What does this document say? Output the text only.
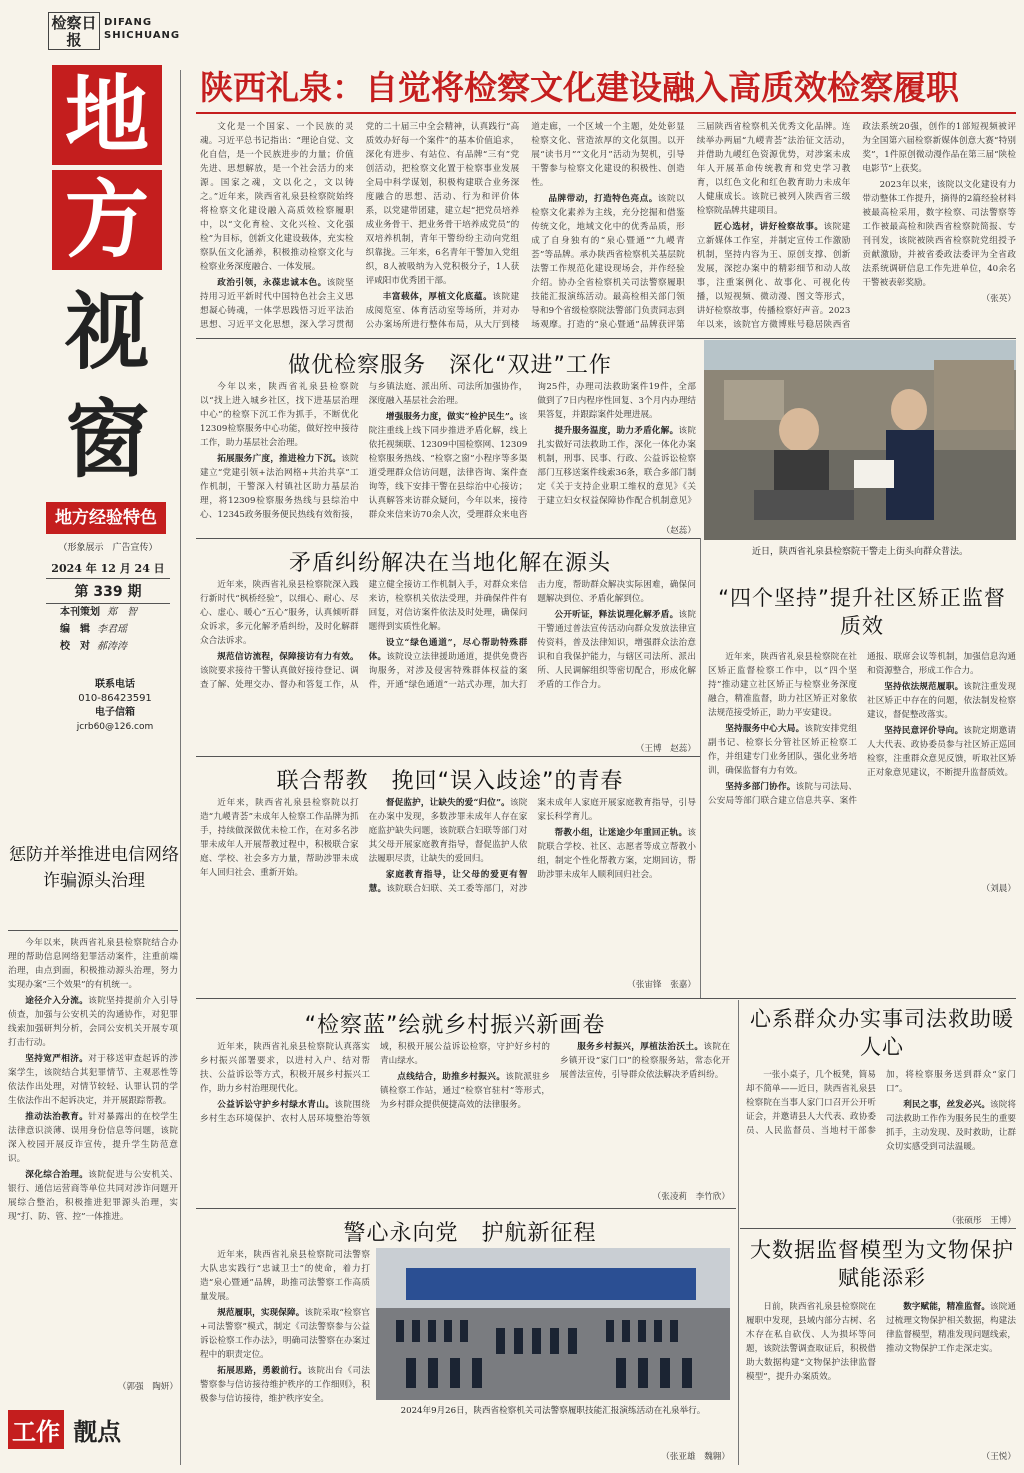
检察日报
DIFANG
SHICHUANG
地
方
视
窗
地方经验特色
（形象展示　广告宣传）
2024 年 12 月 24 日
第 339 期
本刊策划 郑　智
编　辑 李君瑶
校　对 郝涛涛
联系电话
010-86423591
电子信箱
jcrb60@126.com
惩防并举推进电信网络诈骗源头治理

今年以来，陕西省礼泉县检察院结合办理的帮助信息网络犯罪活动案件，注重前端治理，由点到面，积极推动源头治理，努力实现办案“三个效果”的有机统一。

途径介入分流。该院坚持提前介入引导侦查，加强与公安机关的沟通协作，对犯罪线索加强研判分析，会同公安机关开展专项打击行动。

坚持宽严相济。对于移送审查起诉的涉案学生，该院结合其犯罪情节、主观恶性等依法作出处理，对情节较轻、认罪认罚的学生依法作出不起诉决定，并开展跟踪帮教。

推动法治教育。针对暴露出的在校学生法律意识淡薄、误用身份信息等问题，该院深入校园开展反诈宣传，提升学生防范意识。

深化综合治理。该院促进与公安机关、银行、通信运营商等单位共同对涉诈问题开展综合整治，积极推进犯罪源头治理，实现“打、防、管、控”一体推进。

（郭强　陶妍）
工作 靓点
陕西礼泉：自觉将检察文化建设融入高质效检察履职

文化是一个国家、一个民族的灵魂。习近平总书记指出：“理论自觉、文化自信，是一个民族进步的力量；价值先进、思想解放，是一个社会活力的来源。国家之魂，文以化之，文以铸之。”近年来，陕西省礼泉县检察院始终将检察文化建设融入高质效检察履职中，以“文化育检、文化兴检、文化强检”为目标，创新文化建设载体，充实检察队伍文化涵养，积极推动检察文化与检察业务深度融合、一体发展。

政治引领，永葆忠诚本色。该院坚持用习近平新时代中国特色社会主义思想凝心铸魂，一体学思践悟习近平法治思想、习近平文化思想，深入学习贯彻党的二十届三中全会精神，认真践行“高质效办好每一个案件”的基本价值追求，深化有进步、有站位、有品牌“三有”党创活动，把检察文化置于检察事业发展全局中科学谋划，积极构建联合业务深度融合的思想、活动、行为和评价体系，以党建带团建，建立起“把党员培养成业务骨干、把业务骨干培养成党员”的双培养机制，青年干警纷纷主动向党组织靠拢。三年来，6名青年干警加入党组织，8人被吸纳为入党积极分子，1人获评咸阳市优秀团干部。

丰富载体，厚植文化底蕴。该院建成阅览室、体育活动室等场所，并对办公办案场所进行整体布局，从大厅到楼道走廊，一个区域一个主题，处处彰显检察文化、营造浓厚的文化氛围。以开展“读书月”“文化月”活动为契机，引导干警参与检察文化建设的积极性、创造性。

品牌带动，打造特色亮点。该院以检察文化素养为主线，充分挖掘和借鉴传统文化，地域文化中的优秀品质，形成了自身独有的“泉心暨通”“九嵕青荟”等品牌。承办陕西省检察机关基层院法警工作规范化建设现场会，并作经验介绍。协办全省检察机关司法警察履职技能汇报演练活动。最高检相关部门领导和9个省级检察院法警部门负责同志到场观摩。打造的“泉心暨通”品牌获评第三届陕西省检察机关优秀文化品牌。连续举办两届“九嵕青荟”法治征文活动，并借助九嵕红色资源优势，对涉案未成年人开展革命传统教育和党史学习教育，以红色文化和红色教育助力未成年人健康成长。该院已被列入陕西省三级检察院品牌共建项目。

匠心选材，讲好检察故事。该院建立新媒体工作室，并制定宣传工作激励机制，坚持内容为王、原创支撑、创新发展，深挖办案中的精彩细节和动人故事，注重案例化、故事化、可视化传播，以短视频、微动漫、图文等形式，讲好检察故事，传播检察好声音。2023年以来，该院官方微博账号稳居陕西省政法系统20强，创作的1部短视频被评为全国第六届检察新媒体创意大赛“特别奖”，1件原创微动漫作品在第三届“陕检电影节”上获奖。

2023年以来，该院以文化建设有力带动整体工作提升，摘得的2篇经验材料被最高检采用，数字检察、司法警察等工作被最高检和陕西省检察院简报、专刊刊发，该院被陕西省检察院党组授予贡献激励，并被省委政法委评为全省政法系统调研信息工作先进单位，40余名干警被表彰奖励。

（张英）
做优检察服务　深化“双进”工作

今年以来，陕西省礼泉县检察院以“找上进入城乡社区，找下进基层治理中心”的检察下沉工作为抓手，不断优化12309检察服务中心功能，做好控申接待工作，助力基层社会治理。

拓展服务广度，推进检力下沉。该院建立“党建引领+法治网格+共治共享”工作机制，干警深入村镇社区助力基层治理，将12309检察服务热线与县综治中心、12345政务服务便民热线有效衔接，与乡镇法庭、派出所、司法所加强协作，深度融入基层社会治理。

增强服务力度，做实“检护民生”。该院注重线上线下同步推进矛盾化解，线上依托视频联、12309中国检察网、12309检察服务热线、“检察之窗”小程序等多渠道受理群众信访问题，法律咨询、案件查询等，线下安排干警在县综治中心接访；认真解答来访群众疑问，今年以来，接待群众来信来访70余人次，受理群众来电咨询25件，办理司法救助案件19件，全部做到了7日内程序性回复、3个月内办理结果答复，并跟踪案件处理进展。

提升服务温度，助力矛盾化解。该院扎实做好司法救助工作，深化一体化办案机制，刑事、民事、行政、公益诉讼检察部门互移送案件线索36条，联合多部门制定《关于支持企业职工维权的意见》《关于建立妇女权益保障协作配合机制意见》

（赵蕊）
近日，陕西省礼泉县检察院干警走上街头向群众普法。
矛盾纠纷解决在当地化解在源头

近年来，陕西省礼泉县检察院深入践行新时代“枫桥经验”，以细心、耐心、尽心、虚心、暖心“五心”服务，认真倾听群众诉求，多元化解矛盾纠纷，及时化解群众合法诉求。

规范信访流程，保障接访有力有效。该院要求接待干警认真做好接待登记、调查了解、处理交办、督办和答复工作，从建立健全接访工作机制入手，对群众来信来访，检察机关依法受理，并确保件件有回复，对信访案件依法及时处理，确保问题得到实质性化解。

设立“绿色通道”，尽心帮助特殊群体。该院设立法律援助通道，提供免费咨询服务，对涉及侵害特殊群体权益的案件，开通“绿色通道”一站式办理，加大打击力度，帮助群众解决实际困难，确保问题解决到位、矛盾化解到位。

公开听证，释法说理化解矛盾。该院干警通过普法宣传活动向群众发放法律宣传资料，普及法律知识，增强群众法治意识和自我保护能力，与辖区司法所、派出所、人民调解组织等密切配合，形成化解矛盾的工作合力。

（王博　赵蕊）
“四个坚持”提升社区矫正监督质效

近年来，陕西省礼泉县检察院在社区矫正监督检察工作中，以“四个坚持”推动建立社区矫正与检察业务深度融合，精准监督，助力社区矫正对象依法规范接受矫正，助力平安建设。

坚持服务中心大局。该院安排党组副书记、检察长分管社区矫正检察工作，并组建专门业务团队，强化业务培训，确保监督有力有效。

坚持多部门协作。该院与司法局、公安局等部门联合建立信息共享、案件通报、联席会议等机制，加强信息沟通和资源整合，形成工作合力。

坚持依法规范履职。该院注重发现社区矫正中存在的问题，依法制发检察建议，督促整改落实。

坚持民意评价导向。该院定期邀请人大代表、政协委员参与社区矫正巡回检察，注重群众意见反馈，听取社区矫正对象意见建议，不断提升监督质效。

（刘晨）
联合帮教　挽回“误入歧途”的青春

近年来，陕西省礼泉县检察院以打造“九嵕青荟”未成年人检察工作品牌为抓手，持续做深做优未检工作，在对多名涉罪未成年人开展帮教过程中，积极联合家庭、学校、社会多方力量，帮助涉罪未成年人回归社会、重新开始。

督促监护，让缺失的爱“归位”。该院在办案中发现，多数涉罪未成年人存在家庭监护缺失问题，该院联合妇联等部门对其父母开展家庭教育指导，督促监护人依法履职尽责，让缺失的爱回归。

家庭教育指导，让父母的爱更有智慧。该院联合妇联、关工委等部门，对涉案未成年人家庭开展家庭教育指导，引导家长科学育儿。

帮教小组，让迷途少年重回正轨。该院联合学校、社区、志愿者等成立帮教小组，制定个性化帮教方案，定期回访，帮助涉罪未成年人顺利回归社会。

（张宙锋　张嘉）
“检察蓝”绘就乡村振兴新画卷

近年来，陕西省礼泉县检察院认真落实乡村振兴部署要求，以进村入户、结对帮扶、公益诉讼等方式，积极开展乡村振兴工作，助力乡村治理现代化。

公益诉讼守护乡村绿水青山。该院围绕乡村生态环境保护、农村人居环境整治等领域，积极开展公益诉讼检察，守护好乡村的青山绿水。

点线结合，助推乡村振兴。该院派驻乡镇检察工作站，通过“检察官驻村”等形式，为乡村群众提供便捷高效的法律服务。

服务乡村振兴，厚植法治沃土。该院在乡镇开设“家门口”的检察服务站，常态化开展普法宣传，引导群众依法解决矛盾纠纷。

（张凌莉　李竹欣）
心系群众办实事司法救助暖人心

一张小桌子，几个板凳，简易却不简单——近日，陕西省礼泉县检察院在当事人家门口召开公开听证会，并邀请县人大代表、政协委员、人民监督员、当地村干部参加，将检察服务送到群众“家门口”。

利民之事，丝发必兴。该院将司法救助工作作为服务民生的重要抓手，主动发现、及时救助，让群众切实感受到司法温暖。

（张硕彤　王博）
警心永向党　护航新征程

近年来，陕西省礼泉县检察院司法警察大队忠实践行“忠诚卫士”的使命，着力打造“泉心暨通”品牌，助推司法警察工作高质量发展。

规范履职，实现保障。该院采取“检察官+司法警察”模式，制定《司法警察参与公益诉讼检察工作办法》，明确司法警察在办案过程中的职责定位。

拓展思路，勇毅前行。该院出台《司法警察参与信访接待维护秩序的工作细则》，积极参与信访接待，维护秩序安全。

2024年9月26日，陕西省检察机关司法警察履职技能汇报演练活动在礼泉举行。
（张亚雄　魏翱）
大数据监督模型为文物保护赋能添彩

日前，陕西省礼泉县检察院在履职中发现，县域内部分古树、名木存在私自砍伐、人为损坏等问题，该院法警调查取证后，积极借助大数据构建“文物保护法律监督模型”，提升办案质效。

数字赋能，精准监督。该院通过梳理文物保护相关数据，构建法律监督模型，精准发现问题线索，推动文物保护工作走深走实。

（王悦）
